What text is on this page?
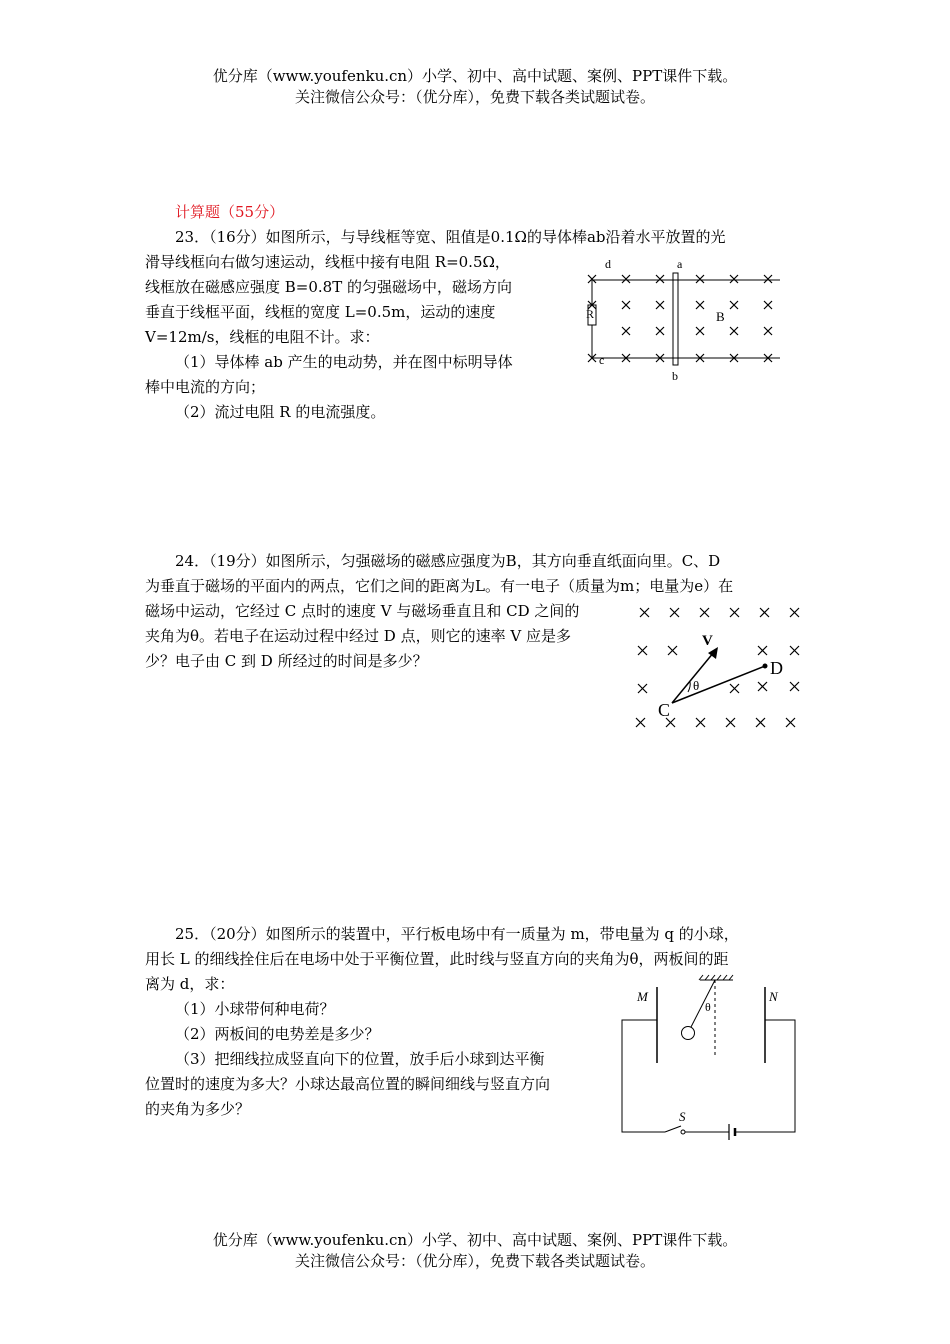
优分库（www.youfenku.cn）小学、初中、高中试题、案例、PPT课件下载。
关注微信公众号：（优分库），免费下载各类试题试卷。
计算题（55分）
23．（16分）如图所示，与导线框等宽、阻值是0.1Ω的导体棒ab沿着水平放置的光
滑导线框向右做匀速运动，线框中接有电阻 R=0.5Ω，
线框放在磁感应强度 B=0.8T 的匀强磁场中，磁场方向
垂直于线框平面，线框的宽度 L=0.5m，运动的速度
V=12m/s，线框的电阻不计。求：
（1）导体棒 ab 产生的电动势，并在图中标明导体
棒中电流的方向；
（2）流过电阻 R 的电流强度。
d	a
b
c
R	B
24．（19分）如图所示，匀强磁场的磁感应强度为B，其方向垂直纸面向里。C、D
为垂直于磁场的平面内的两点，它们之间的距离为L。有一电子（质量为m；电量为e）在
磁场中运动，它经过 C 点时的速度 V 与磁场垂直且和 CD 之间的
夹角为θ。若电子在运动过程中经过 D 点，则它的速率 V 应是多
少？电子由 C 到 D 所经过的时间是多少？
V
C
D
θ
25．（20分）如图所示的装置中，平行板电场中有一质量为 m，带电量为 q 的小球，
用长 L 的细线拴住后在电场中处于平衡位置，此时线与竖直方向的夹角为θ，两板间的距
离为 d，求：
（1）小球带何种电荷？
（2）两板间的电势差是多少？
（3）把细线拉成竖直向下的位置，放手后小球到达平衡
位置时的速度为多大？小球达最高位置的瞬间细线与竖直方向
的夹角为多少？
M	N
S
θ
优分库（www.youfenku.cn）小学、初中、高中试题、案例、PPT课件下载。
关注微信公众号：（优分库），免费下载各类试题试卷。
